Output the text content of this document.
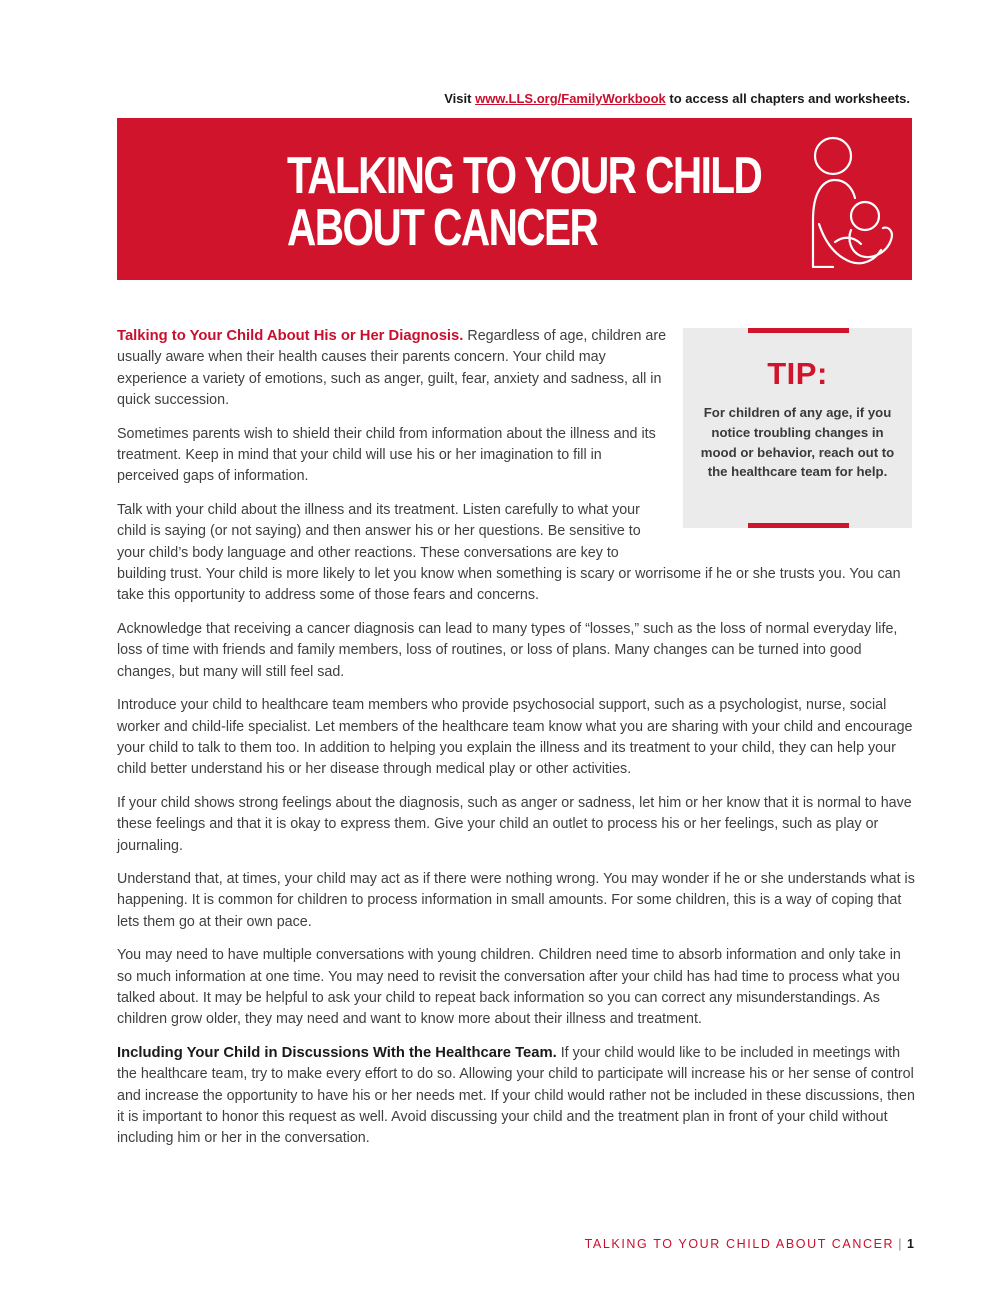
Visit www.LLS.org/FamilyWorkbook to access all chapters and worksheets.
TALKING TO YOUR CHILD
ABOUT CANCER
TIP:
For children of any age, if you notice troubling changes in mood or behavior, reach out to the healthcare team for help.

Talking to Your Child About His or Her Diagnosis. Regardless of age, children are usually aware when their health causes their parents concern. Your child may experience a variety of emotions, such as anger, guilt, fear, anxiety and sadness, all in quick succession.

Sometimes parents wish to shield their child from information about the illness and its treatment. Keep in mind that your child will use his or her imagination to fill in perceived gaps of information.

Talk with your child about the illness and its treatment. Listen carefully to what your child is saying (or not saying) and then answer his or her questions. Be sensitive to your child’s body language and other reactions. These conversations are key to building trust. Your child is more likely to let you know when something is scary or worrisome if he or she trusts you. You can take this opportunity to address some of those fears and concerns.

Acknowledge that receiving a cancer diagnosis can lead to many types of “losses,” such as the loss of normal everyday life, loss of time with friends and family members, loss of routines, or loss of plans. Many changes can be turned into good changes, but many will still feel sad.

Introduce your child to healthcare team members who provide psychosocial support, such as a psychologist, nurse, social worker and child-life specialist. Let members of the healthcare team know what you are sharing with your child and encourage your child to talk to them too. In addition to helping you explain the illness and its treatment to your child, they can help your child better understand his or her disease through medical play or other activities.

If your child shows strong feelings about the diagnosis, such as anger or sadness, let him or her know that it is normal to have these feelings and that it is okay to express them. Give your child an outlet to process his or her feelings, such as play or journaling.

Understand that, at times, your child may act as if there were nothing wrong. You may wonder if he or she understands what is happening. It is common for children to process information in small amounts. For some children, this is a way of coping that lets them go at their own pace.

You may need to have multiple conversations with young children. Children need time to absorb information and only take in so much information at one time. You may need to revisit the conversation after your child has had time to process what you talked about. It may be helpful to ask your child to repeat back information so you can correct any misunderstandings. As children grow older, they may need and want to know more about their illness and treatment.

Including Your Child in Discussions With the Healthcare Team. If your child would like to be included in meetings with the healthcare team, try to make every effort to do so. Allowing your child to participate will increase his or her sense of control and increase the opportunity to have his or her needs met. If your child would rather not be included in these discussions, then it is important to honor this request as well. Avoid discussing your child and the treatment plan in front of your child without including him or her in the conversation.

TALKING TO YOUR CHILD ABOUT CANCER | 1
